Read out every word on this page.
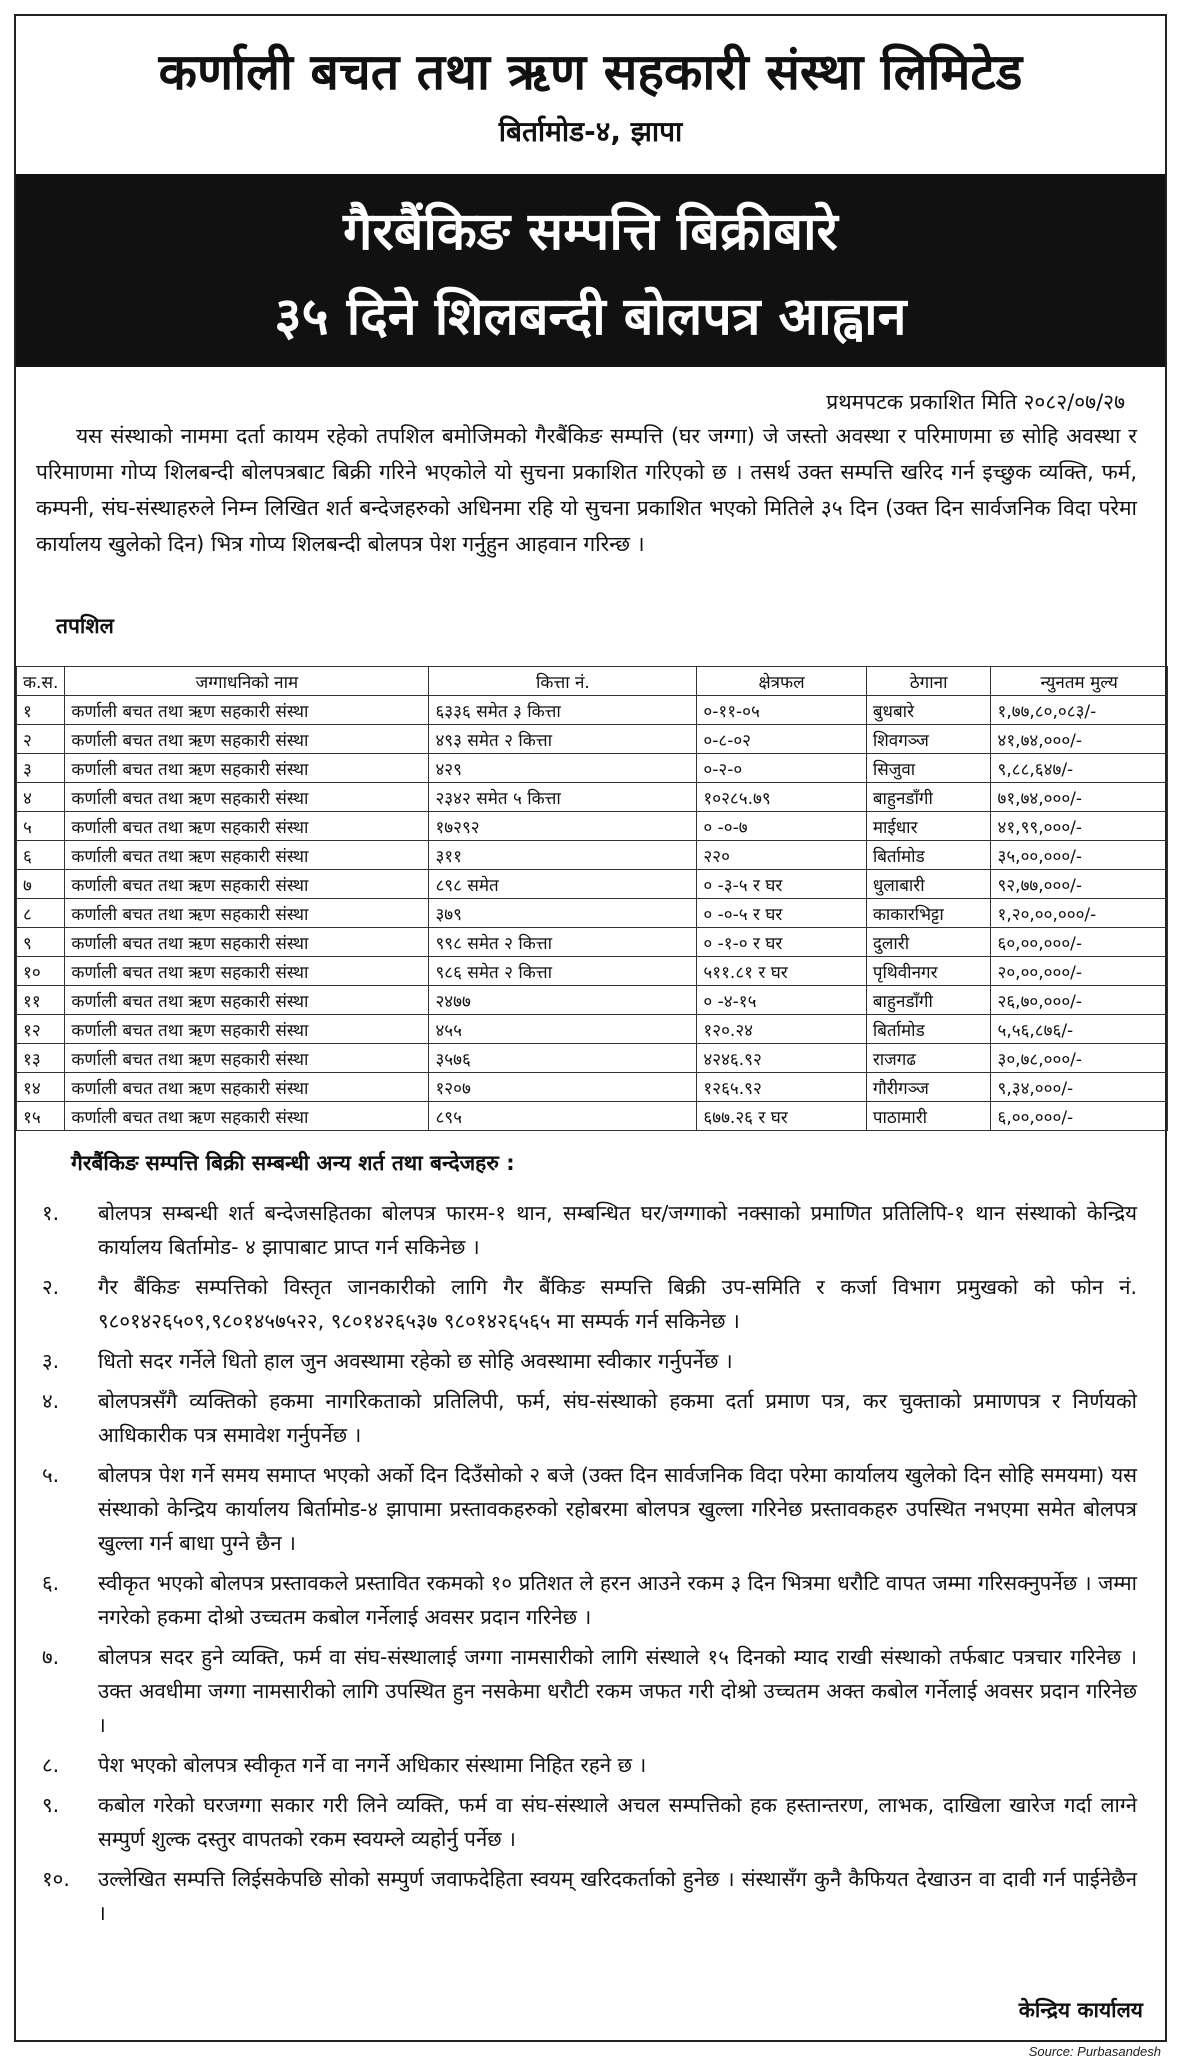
कर्णाली बचत तथा ऋण सहकारी संस्था लिमिटेड
बिर्तामोड-४, झापा
गैरबैंकिङ सम्पत्ति बिक्रीबारे
३५ दिने शिलबन्दी बोलपत्र आह्वान
प्रथमपटक प्रकाशित मिति २०८२/०७/२७

यस संस्थाको नाममा दर्ता कायम रहेको तपशिल बमोजिमको गैरबैंकिङ सम्पत्ति (घर जग्गा) जे जस्तो अवस्था र परिमाणमा छ सोहि अवस्था र परिमाणमा गोप्य शिलबन्दी बोलपत्रबाट बिक्री गरिने भएकोले यो सुचना प्रकाशित गरिएको छ । तसर्थ उक्त सम्पत्ति खरिद गर्न इच्छुक व्यक्ति, फर्म, कम्पनी, संघ-संस्थाहरुले निम्न लिखित शर्त बन्देजहरुको अधिनमा रहि यो सुचना प्रकाशित भएको मितिले ३५ दिन (उक्त दिन सार्वजनिक विदा परेमा कार्यालय खुलेको दिन) भित्र गोप्य शिलबन्दी बोलपत्र पेश गर्नुहुन आहवान गरिन्छ ।

तपशिल
क.स.	जग्गाधनिको नाम	कित्ता नं.	क्षेत्रफल	ठेगाना	न्युनतम मुल्य
१	कर्णाली बचत तथा ऋण सहकारी संस्था	६३३६ समेत ३ कित्ता	०-११-०५	बुधबारे	१,७७,८०,०८३/-
२	कर्णाली बचत तथा ऋण सहकारी संस्था	४९३ समेत २ कित्ता	०-८-०२	शिवगञ्ज	४१,७४,०००/-
३	कर्णाली बचत तथा ऋण सहकारी संस्था	४२९	०-२-०	सिजुवा	९,८८,६४७/-
४	कर्णाली बचत तथा ऋण सहकारी संस्था	२३४२ समेत ५ कित्ता	१०२८५.७९	बाहुनडाँगी	७१,७४,०००/-
५	कर्णाली बचत तथा ऋण सहकारी संस्था	१७२९२	० -०-७	माईधार	४१,९९,०००/-
६	कर्णाली बचत तथा ऋण सहकारी संस्था	३११	२२०	बिर्तामोड	३५,००,०००/-
७	कर्णाली बचत तथा ऋण सहकारी संस्था	८९८ समेत	० -३-५ र घर	धुलाबारी	९२,७७,०००/-
८	कर्णाली बचत तथा ऋण सहकारी संस्था	३७९	० -०-५ र घर	काकारभिट्टा	१,२०,००,०००/-
९	कर्णाली बचत तथा ऋण सहकारी संस्था	९९८ समेत २ कित्ता	० -१-० र घर	दुलारी	६०,००,०००/-
१०	कर्णाली बचत तथा ऋण सहकारी संस्था	९८६ समेत २ कित्ता	५११.८१ र घर	पृथिवीनगर	२०,००,०००/-
११	कर्णाली बचत तथा ऋण सहकारी संस्था	२४७७	० -४-१५	बाहुनडाँगी	२६,७०,०००/-
१२	कर्णाली बचत तथा ऋण सहकारी संस्था	४५५	१२०.२४	बिर्तामोड	५,५६,८७६/-
१३	कर्णाली बचत तथा ऋण सहकारी संस्था	३५७६	४२४६.९२	राजगढ	३०,७८,०००/-
१४	कर्णाली बचत तथा ऋण सहकारी संस्था	१२०७	१२६५.९२	गौरीगञ्ज	९,३४,०००/-
१५	कर्णाली बचत तथा ऋण सहकारी संस्था	८९५	६७७.२६ र घर	पाठामारी	६,००,०००/-
गैरबैंकिङ सम्पत्ति बिक्री सम्बन्धी अन्य शर्त तथा बन्देजहरु :
१. बोलपत्र सम्बन्धी शर्त बन्देजसहितका बोलपत्र फारम-१ थान, सम्बन्धित घर/जग्गाको नक्साको प्रमाणित प्रतिलिपि-१ थान संस्थाको केन्द्रिय कार्यालय बिर्तामोड- ४ झापाबाट प्राप्त गर्न सकिनेछ ।
२. गैर बैंकिङ सम्पत्तिको विस्तृत जानकारीको लागि गैर बैंकिङ सम्पत्ति बिक्री उप-समिति र कर्जा विभाग प्रमुखको को फोन नं. ९८०१४२६५०९,९८०१४५७५२२, ९८०१४२६५३७ ९८०१४२६५६५ मा सम्पर्क गर्न सकिनेछ ।
३. धितो सदर गर्नेले धितो हाल जुन अवस्थामा रहेको छ सोहि अवस्थामा स्वीकार गर्नुपर्नेछ ।
४. बोलपत्रसँगै व्यक्तिको हकमा नागरिकताको प्रतिलिपी, फर्म, संघ-संस्थाको हकमा दर्ता प्रमाण पत्र, कर चुक्ताको प्रमाणपत्र र निर्णयको आधिकारीक पत्र समावेश गर्नुपर्नेछ ।
५. बोलपत्र पेश गर्ने समय समाप्त भएको अर्को दिन दिउँसोको २ बजे (उक्त दिन सार्वजनिक विदा परेमा कार्यालय खुलेको दिन सोहि समयमा) यस संस्थाको केन्द्रिय कार्यालय बिर्तामोड-४ झापामा प्रस्तावकहरुको रहोबरमा बोलपत्र खुल्ला गरिनेछ प्रस्तावकहरु उपस्थित नभएमा समेत बोलपत्र खुल्ला गर्न बाधा पुग्ने छैन ।
६. स्वीकृत भएको बोलपत्र प्रस्तावकले प्रस्तावित रकमको १० प्रतिशत ले हरन आउने रकम ३ दिन भित्रमा धरौटि वापत जम्मा गरिसक्नुपर्नेछ । जम्मा नगरेको हकमा दोश्रो उच्चतम कबोल गर्नेलाई अवसर प्रदान गरिनेछ ।
७. बोलपत्र सदर हुने व्यक्ति, फर्म वा संघ-संस्थालाई जग्गा नामसारीको लागि संस्थाले १५ दिनको म्याद राखी संस्थाको तर्फबाट पत्रचार गरिनेछ । उक्त अवधीमा जग्गा नामसारीको लागि उपस्थित हुन नसकेमा धरौटी रकम जफत गरी दोश्रो उच्चतम अक्त कबोल गर्नेलाई अवसर प्रदान गरिनेछ ।
८. पेश भएको बोलपत्र स्वीकृत गर्ने वा नगर्ने अधिकार संस्थामा निहित रहने छ ।
९. कबोल गरेको घरजग्गा सकार गरी लिने व्यक्ति, फर्म वा संघ-संस्थाले अचल सम्पत्तिको हक हस्तान्तरण, लाभक, दाखिला खारेज गर्दा लाग्ने सम्पुर्ण शुल्क दस्तुर वापतको रकम स्वयम्ले व्यहोर्नु पर्नेछ ।
१०. उल्लेखित सम्पत्ति लिईसकेपछि सोको सम्पुर्ण जवाफदेहिता स्वयम् खरिदकर्ताको हुनेछ । संस्थासँग कुनै कैफियत देखाउन वा दावी गर्न पाईनेछैन ।
केन्द्रिय कार्यालय
Source: Purbasandesh
